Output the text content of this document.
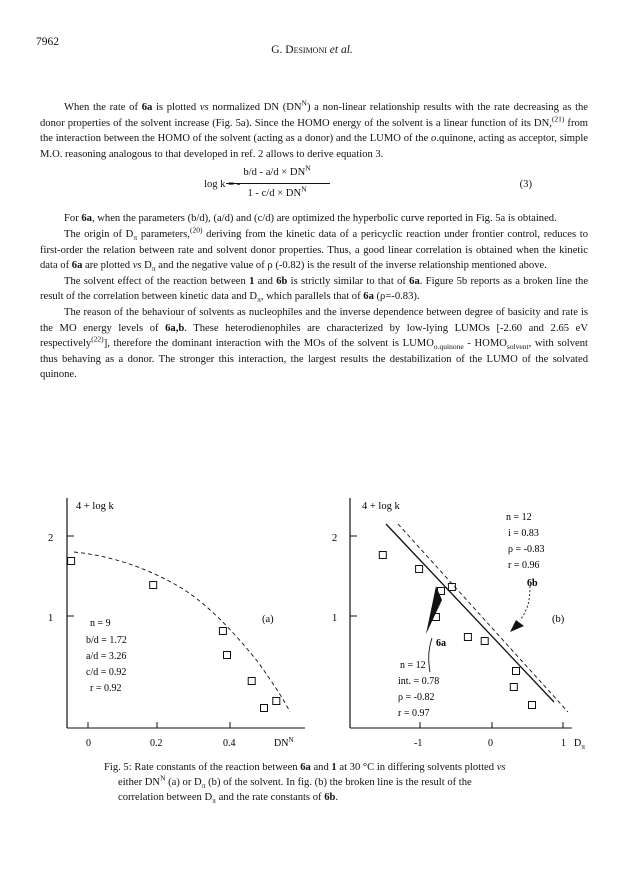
7962
G. Desimoni et al.

When the rate of 6a is plotted vs normalized DN $(DN^N)$ a non-linear relationship results with the rate decreasing as the donor properties of the solvent increase (Fig. 5a). Since the HOMO energy of the solvent is a linear function of its DN,$^{(21)}$ from the interaction between the HOMO of the solvent (acting as a donor) and the LUMO of the o.quinone, acting as acceptor, simple M.O. reasoning analogous to that developed in ref. 2 allows to derive equation 3.

log k = -
$b/d - a/d \times DN^N$
$1 - c/d \times DN^N$	(3)

For 6a, when the parameters (b/d), (a/d) and (c/d) are optimized the hyperbolic curve reported in Fig. 5a is obtained.

The origin of $D_\pi$ parameters,$^{(20)}$ deriving from the kinetic data of a pericyclic reaction under frontier control, reduces to first-order the relation between rate and solvent donor properties. Thus, a good linear correlation is obtained when the kinetic data of 6a are plotted vs $D_\pi$ and the negative value of ρ (-0.82) is the result of the inverse relationship mentioned above.

The solvent effect of the reaction between 1 and 6b is strictly similar to that of 6a. Figure 5b reports as a broken line the result of the correlation between kinetic data and $D_\pi$, which parallels that of 6a (ρ=-0.83).

The reason of the behaviour of solvents as nucleophiles and the inverse dependence between degree of basicity and rate is the MO energy levels of 6a,b. These heterodienophiles are characterized by low-lying LUMOs [-2.60 and 2.65 eV respectively$^{(22)}$], therefore the dominant interaction with the MOs of the solvent is $LUMO_{o.quinone}$ - $HOMO_{solvent}$, with solvent thus behaving as a donor. The stronger this interaction, the largest results the destabilization of the LUMO of the solvated quinone.

4 + log k
2
1
0	0.2	0.4	$DN^N$
(a)
n = 9
b/d = 1.72
a/d = 3.26
c/d = 0.92
r = 0.92
4 + log k
2
1
-1	0	1 $D_\pi$
(b)
n = 12
i = 0.83
ρ = -0.83
r = 0.96
6b
6a
n = 12
int. = 0.78
ρ = -0.82
r = 0.97
Fig. 5: Rate constants of the reaction between 6a and 1 at 30 °C in differing solvents plotted vs
either $DN^N$ (a) or $D_\pi$ (b) of the solvent. In fig. (b) the broken line is the result of the
correlation between $D_\pi$ and the rate constants of 6b.
